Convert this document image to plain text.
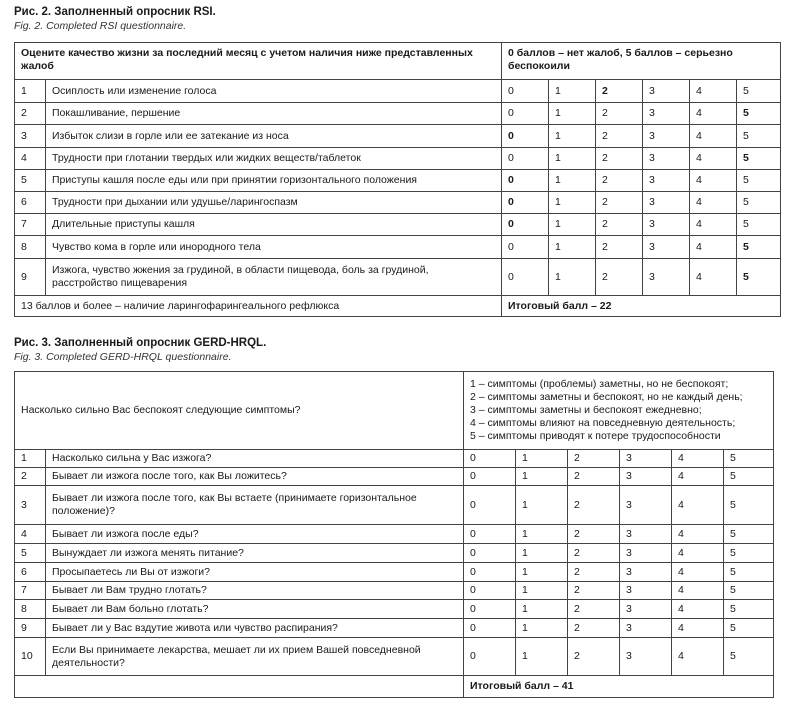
Рис. 2. Заполненный опросник RSI.
Fig. 2. Completed RSI questionnaire.
Оцените качество жизни за последний месяц с учетом наличия ниже представленных жалоб		0 баллов – нет жалоб, 5 баллов – серьезно беспокоили					
1	Осиплость или изменение голоса	0	1	2	3	4	5
2	Покашливание, першение	0	1	2	3	4	5
3	Избыток слизи в горле или ее затекание из носа	0	1	2	3	4	5
4	Трудности при глотании твердых или жидких веществ/таблеток	0	1	2	3	4	5
5	Приступы кашля после еды или при принятии горизонтального положения	0	1	2	3	4	5
6	Трудности при дыхании или удушье/ларингоспазм	0	1	2	3	4	5
7	Длительные приступы кашля	0	1	2	3	4	5
8	Чувство кома в горле или инородного тела	0	1	2	3	4	5
9	Изжога, чувство жжения за грудиной, в области пищевода, боль за грудиной, расстройство пищеварения	0	1	2	3	4	5
13 баллов и более – наличие ларингофарингеального рефлюкса		Итоговый балл – 22					
Рис. 3. Заполненный опросник GERD-HRQL.
Fig. 3. Completed GERD-HRQL questionnaire.
Насколько сильно Вас беспокоят следующие симптомы?		1 – симптомы (проблемы) заметны, но не беспокоят;
2 – симптомы заметны и беспокоят, но не каждый день;
3 – симптомы заметны и беспокоят ежедневно;
4 – симптомы влияют на повседневную деятельность;
5 – симптомы приводят к потере трудоспособности					

1	Насколько сильна у Вас изжога?	0	1	2	3	4	5
2	Бывает ли изжога после того, как Вы ложитесь?	0	1	2	3	4	5
3	Бывает ли изжога после того, как Вы встаете (принимаете горизонтальное положение)?	0	1	2	3	4	5
4	Бывает ли изжога после еды?	0	1	2	3	4	5
5	Вынуждает ли изжога менять питание?	0	1	2	3	4	5
6	Просыпаетесь ли Вы от изжоги?	0	1	2	3	4	5
7	Бывает ли Вам трудно глотать?	0	1	2	3	4	5
8	Бывает ли Вам больно глотать?	0	1	2	3	4	5
9	Бывает ли у Вас вздутие живота или чувство распирания?	0	1	2	3	4	5
10	Если Вы принимаете лекарства, мешает ли их прием Вашей повседневной деятельности?	0	1	2	3	4	5
		Итоговый балл – 41					
